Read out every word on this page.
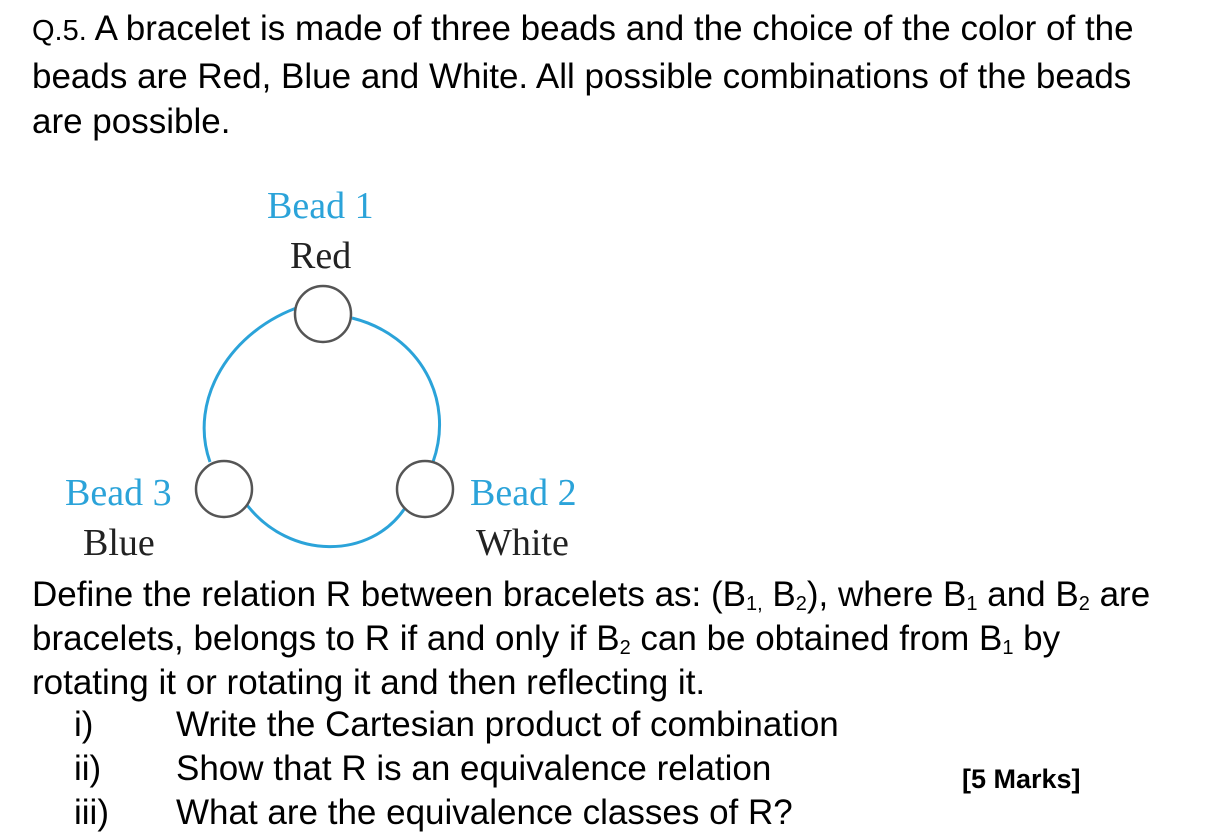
Q.5. A bracelet is made of three beads and the choice of the color of the beads are Red, Blue and White. All possible combinations of the beads are possible.
Bead 1
Red
Bead 3
Blue
Bead 2
White
Define the relation R between bracelets as: ($B_{1,}$ $B_2$), where $B_1$ and $B_2$ are bracelets, belongs to R if and only if $B_2$ can be obtained from $B_1$ by rotating it or rotating it and then reflecting it.
i) Write the Cartesian product of combination
ii) Show that R is an equivalence relation
iii) What are the equivalence classes of R?
[5 Marks]
